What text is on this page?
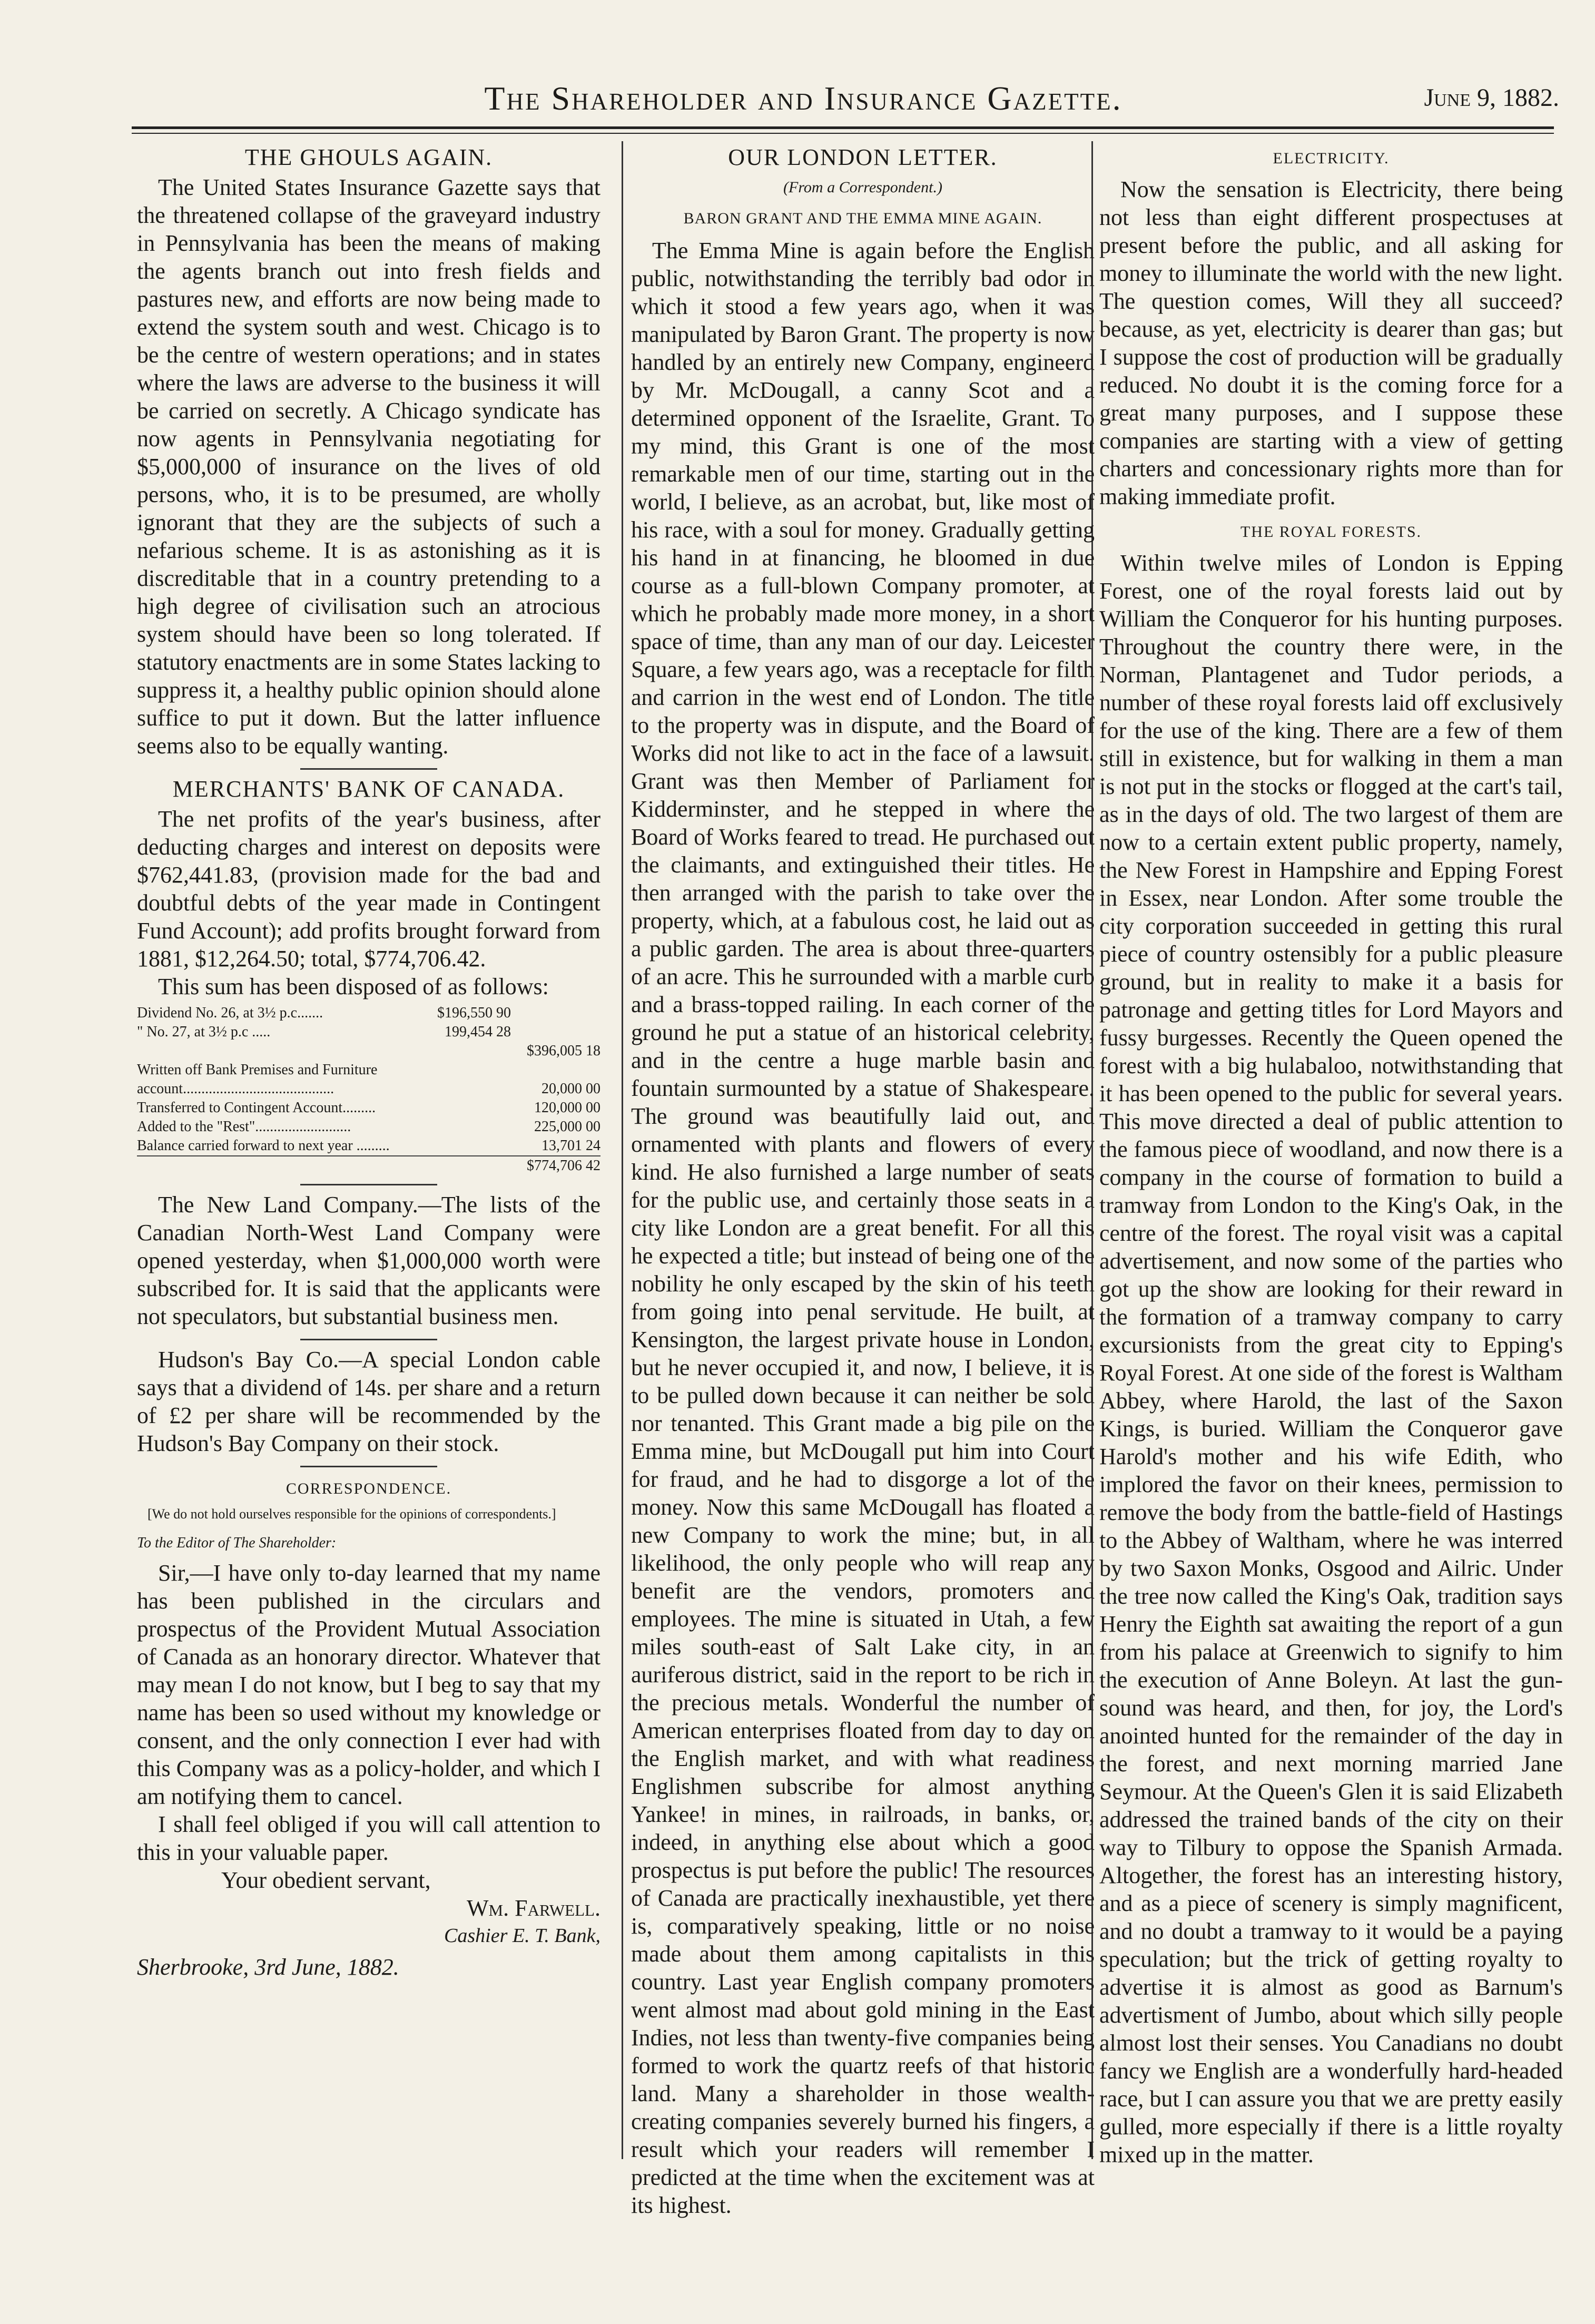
The Shareholder and Insurance Gazette.	June 9, 1882.
THE GHOULS AGAIN.

The United States Insurance Gazette says that the threatened collapse of the graveyard industry in Pennsylvania has been the means of making the agents branch out into fresh fields and pastures new, and efforts are now being made to extend the system south and west. Chicago is to be the centre of western operations; and in states where the laws are adverse to the business it will be carried on secretly. A Chicago syndicate has now agents in Pennsylvania negotiating for $5,000,000 of insurance on the lives of old persons, who, it is to be presumed, are wholly ignorant that they are the subjects of such a nefarious scheme. It is as astonishing as it is discreditable that in a country pretending to a high degree of civilisation such an atrocious system should have been so long tolerated. If statutory enactments are in some States lacking to suppress it, a healthy public opinion should alone suffice to put it down. But the latter influence seems also to be equally wanting.

MERCHANTS' BANK OF CANADA.

The net profits of the year's business, after deducting charges and interest on deposits were $762,441.83, (provision made for the bad and doubtful debts of the year made in Contingent Fund Account); add profits brought forward from 1881, $12,264.50; total, $774,706.42.

This sum has been disposed of as follows:

Dividend No. 26, at 3½ p.c.......	$196,550 90	
" No. 27, at 3½ p.c .....	199,454 28	
		$396,005 18
Written off Bank Premises and Furniture account.........................................		20,000 00
Transferred to Contingent Account.........		120,000 00
Added to the "Rest"..........................		225,000 00
Balance carried forward to next year .........		13,701 24
		$774,706 42

The New Land Company.—The lists of the Canadian North-West Land Company were opened yesterday, when $1,000,000 worth were subscribed for. It is said that the applicants were not speculators, but substantial business men.

Hudson's Bay Co.—A special London cable says that a dividend of 14s. per share and a return of £2 per share will be recommended by the Hudson's Bay Company on their stock.

CORRESPONDENCE.
[We do not hold ourselves responsible for the opinions of correspondents.]
To the Editor of The Shareholder:

Sir,—I have only to-day learned that my name has been published in the circulars and prospectus of the Provident Mutual Association of Canada as an honorary director. Whatever that may mean I do not know, but I beg to say that my name has been so used without my knowledge or consent, and the only connection I ever had with this Company was as a policy-holder, and which I am notifying them to cancel.

I shall feel obliged if you will call attention to this in your valuable paper.

Your obedient servant,

Wm. Farwell.
Cashier E. T. Bank,
Sherbrooke, 3rd June, 1882.
OUR LONDON LETTER.
(From a Correspondent.)
BARON GRANT AND THE EMMA MINE AGAIN.

The Emma Mine is again before the English public, notwithstanding the terribly bad odor in which it stood a few years ago, when it was manipulated by Baron Grant. The property is now handled by an entirely new Company, engineerd by Mr. McDougall, a canny Scot and a determined opponent of the Israelite, Grant. To my mind, this Grant is one of the most remarkable men of our time, starting out in the world, I believe, as an acrobat, but, like most of his race, with a soul for money. Gradually getting his hand in at financing, he bloomed in due course as a full-blown Company promoter, at which he probably made more money, in a short space of time, than any man of our day. Leicester Square, a few years ago, was a receptacle for filth and carrion in the west end of London. The title to the property was in dispute, and the Board of Works did not like to act in the face of a lawsuit. Grant was then Member of Parliament for Kidderminster, and he stepped in where the Board of Works feared to tread. He purchased out the claimants, and extinguished their titles. He then arranged with the parish to take over the property, which, at a fabulous cost, he laid out as a public garden. The area is about three-quarters of an acre. This he surrounded with a marble curb and a brass-topped railing. In each corner of the ground he put a statue of an historical celebrity, and in the centre a huge marble basin and fountain surmounted by a statue of Shakespeare. The ground was beautifully laid out, and ornamented with plants and flowers of every kind. He also furnished a large number of seats for the public use, and certainly those seats in a city like London are a great benefit. For all this he expected a title; but instead of being one of the nobility he only escaped by the skin of his teeth from going into penal servitude. He built, at Kensington, the largest private house in London, but he never occupied it, and now, I believe, it is to be pulled down because it can neither be sold nor tenanted. This Grant made a big pile on the Emma mine, but McDougall put him into Court for fraud, and he had to disgorge a lot of the money. Now this same McDougall has floated a new Company to work the mine; but, in all likelihood, the only people who will reap any benefit are the vendors, promoters and employees. The mine is situated in Utah, a few miles south-east of Salt Lake city, in an auriferous district, said in the report to be rich in the precious metals. Wonderful the number of American enterprises floated from day to day on the English market, and with what readiness Englishmen subscribe for almost anything Yankee! in mines, in railroads, in banks, or, indeed, in anything else about which a good prospectus is put before the public! The resources of Canada are practically inexhaustible, yet there is, comparatively speaking, little or no noise made about them among capitalists in this country. Last year English company promoters went almost mad about gold mining in the East Indies, not less than twenty-five companies being formed to work the quartz reefs of that historic land. Many a shareholder in those wealth-creating companies severely burned his fingers, a result which your readers will remember I predicted at the time when the excitement was at its highest.

ELECTRICITY.

Now the sensation is Electricity, there being not less than eight different prospectuses at present before the public, and all asking for money to illuminate the world with the new light. The question comes, Will they all succeed? because, as yet, electricity is dearer than gas; but I suppose the cost of production will be gradually reduced. No doubt it is the coming force for a great many purposes, and I suppose these companies are starting with a view of getting charters and concessionary rights more than for making immediate profit.

THE ROYAL FORESTS.

Within twelve miles of London is Epping Forest, one of the royal forests laid out by William the Conqueror for his hunting purposes. Throughout the country there were, in the Norman, Plantagenet and Tudor periods, a number of these royal forests laid off exclusively for the use of the king. There are a few of them still in existence, but for walking in them a man is not put in the stocks or flogged at the cart's tail, as in the days of old. The two largest of them are now to a certain extent public property, namely, the New Forest in Hampshire and Epping Forest in Essex, near London. After some trouble the city corporation succeeded in getting this rural piece of country ostensibly for a public pleasure ground, but in reality to make it a basis for patronage and getting titles for Lord Mayors and fussy burgesses. Recently the Queen opened the forest with a big hulabaloo, notwithstanding that it has been opened to the public for several years. This move directed a deal of public attention to the famous piece of woodland, and now there is a company in the course of formation to build a tramway from London to the King's Oak, in the centre of the forest. The royal visit was a capital advertisement, and now some of the parties who got up the show are looking for their reward in the formation of a tramway company to carry excursionists from the great city to Epping's Royal Forest. At one side of the forest is Waltham Abbey, where Harold, the last of the Saxon Kings, is buried. William the Conqueror gave Harold's mother and his wife Edith, who implored the favor on their knees, permission to remove the body from the battle-field of Hastings to the Abbey of Waltham, where he was interred by two Saxon Monks, Osgood and Ailric. Under the tree now called the King's Oak, tradition says Henry the Eighth sat awaiting the report of a gun from his palace at Greenwich to signify to him the execution of Anne Boleyn. At last the gun-sound was heard, and then, for joy, the Lord's anointed hunted for the remainder of the day in the forest, and next morning married Jane Seymour. At the Queen's Glen it is said Elizabeth addressed the trained bands of the city on their way to Tilbury to oppose the Spanish Armada. Altogether, the forest has an interesting history, and as a piece of scenery is simply magnificent, and no doubt a tramway to it would be a paying speculation; but the trick of getting royalty to advertise it is almost as good as Barnum's advertisment of Jumbo, about which silly people almost lost their senses. You Canadians no doubt fancy we English are a wonderfully hard-headed race, but I can assure you that we are pretty easily gulled, more especially if there is a little royalty mixed up in the matter.
